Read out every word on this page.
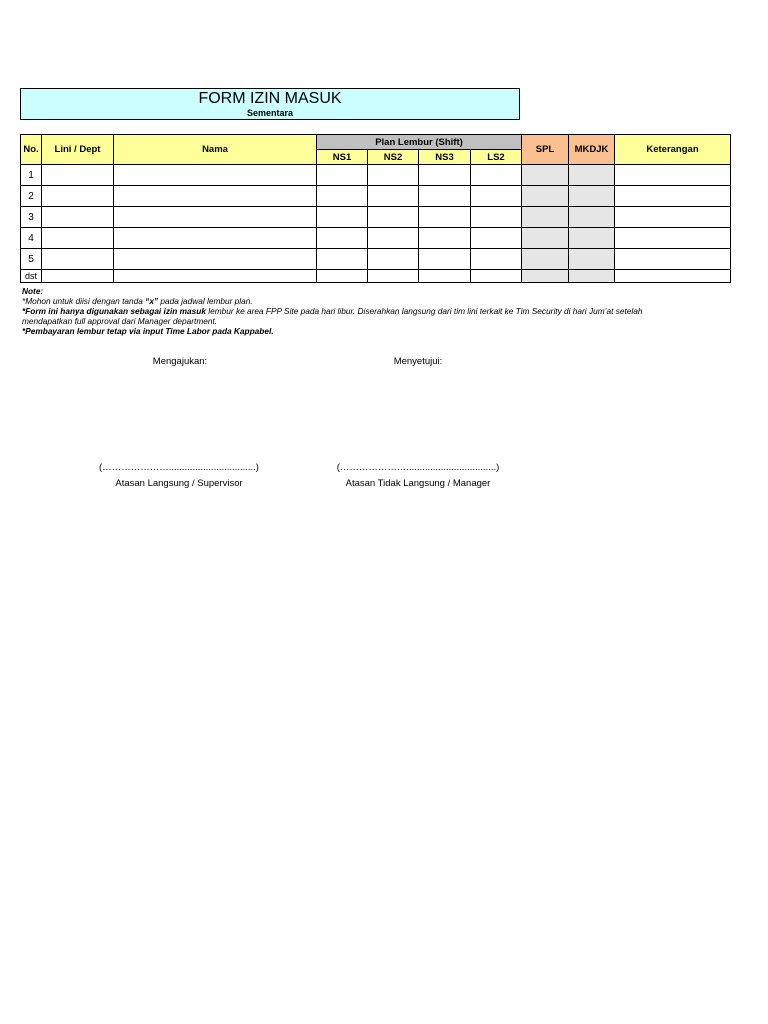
FORM IZIN MASUK
Sementara
No.	Lini / Dept	Nama	Plan Lembur (Shift)				SPL	MKDJK	Keterangan
			NS1	NS2	NS3	LS2			
1									
2									
3									
4									
5									
dst									
Note:
*Mohon untuk diisi dengan tanda “x” pada jadwal lembur plan.
*Form ini hanya digunakan sebagai izin masuk lembur ke area FPP Site pada hari libur. Diserahkan langsung dari tim lini terkait ke Tim Security di hari Jum’at setelah
mendapatkan full approval dari Manager department.
*Pembayaran lembur tetap via input Time Labor pada Kappabel.
Mengajukan:	Menyetujui:
(………………….................................)	(…………………..................................)
Atasan Langsung / Supervisor	Atasan Tidak Langsung / Manager
